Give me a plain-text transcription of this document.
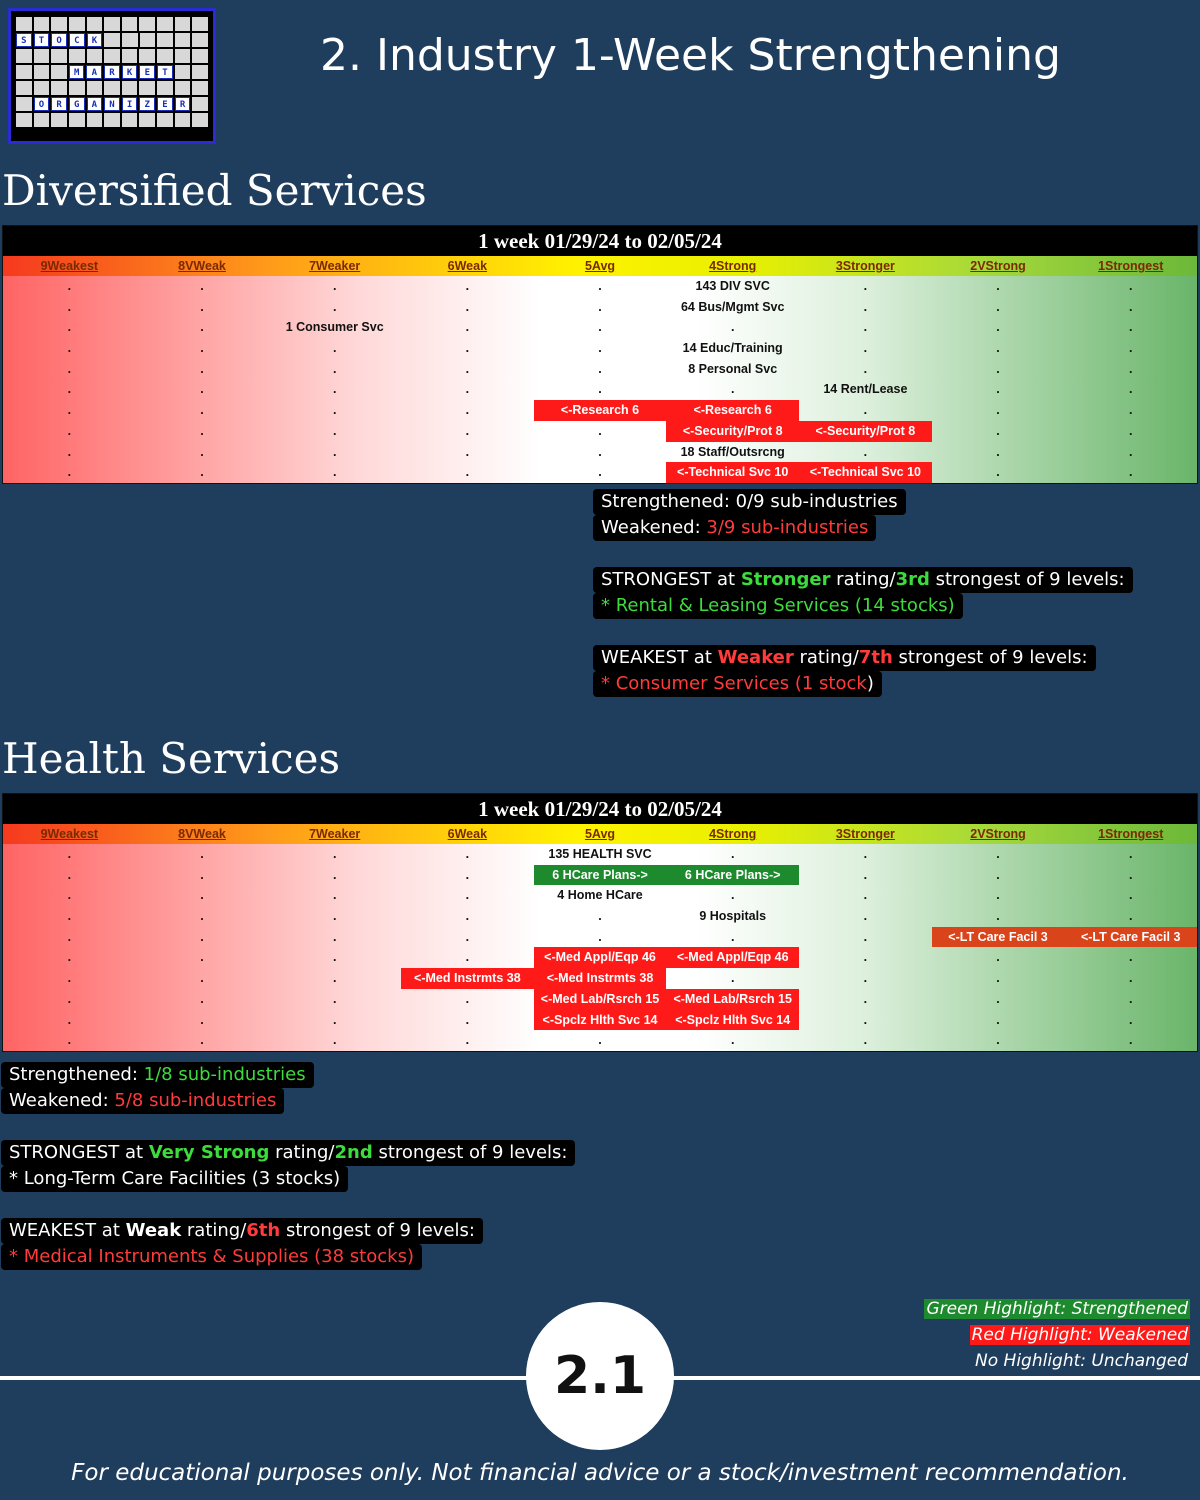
S	T	O	C	K
M	A	R	K	E	T
O	R	G	A	N	I	Z	E	R
2. Industry 1-Week Strengthening
Diversified Services
1 week 01/29/24 to 02/05/24
9Weakest	8VWeak	7Weaker	6Weak	5Avg	4Strong	3Stronger	2VStrong	1Strongest
.	.	.	.	.	143 DIV SVC	.	.	.
.	.	.	.	.	64 Bus/Mgmt Svc	.	.	.
.	.	1 Consumer Svc	.	.	.	.	.	.
.	.	.	.	.	14 Educ/Training	.	.	.
.	.	.	.	.	8 Personal Svc	.	.	.
.	.	.	.	.	.	14 Rent/Lease	.	.
.	.	.	.	<-Research 6	<-Research 6	.	.	.
.	.	.	.	.	<-Security/Prot 8	<-Security/Prot 8	.	.
.	.	.	.	.	18 Staff/Outsrcng	.	.	.
.	.	.	.	.	<-Technical Svc 10	<-Technical Svc 10	.	.
Strengthened: 0/9 sub-industries
Weakened: 3/9 sub-industries
STRONGEST at Stronger rating/3rd strongest of 9 levels:
* Rental & Leasing Services (14 stocks)
WEAKEST at Weaker rating/7th strongest of 9 levels:
* Consumer Services (1 stock)
Health Services
1 week 01/29/24 to 02/05/24
9Weakest	8VWeak	7Weaker	6Weak	5Avg	4Strong	3Stronger	2VStrong	1Strongest
.	.	.	.	135 HEALTH SVC	.	.	.	.
.	.	.	.	6 HCare Plans->	6 HCare Plans->	.	.	.
.	.	.	.	4 Home HCare	.	.	.	.
.	.	.	.	.	9 Hospitals	.	.	.
.	.	.	.	.	.	.	<-LT Care Facil 3	<-LT Care Facil 3
.	.	.	.	<-Med Appl/Eqp 46	<-Med Appl/Eqp 46	.	.	.
.	.	.	<-Med Instrmts 38	<-Med Instrmts 38	.	.	.	.
.	.	.	.	<-Med Lab/Rsrch 15	<-Med Lab/Rsrch 15	.	.	.
.	.	.	.	<-Spclz Hlth Svc 14	<-Spclz Hlth Svc 14	.	.	.
.	.	.	.	.	.	.	.	.
Strengthened: 1/8 sub-industries
Weakened: 5/8 sub-industries
STRONGEST at Very Strong rating/2nd strongest of 9 levels:
* Long-Term Care Facilities (3 stocks)
WEAKEST at Weak rating/6th strongest of 9 levels:
* Medical Instruments & Supplies (38 stocks)
Green Highlight: Strengthened
Red Highlight: Weakened
No Highlight: Unchanged
2.1
For educational purposes only. Not financial advice or a stock/investment recommendation.
